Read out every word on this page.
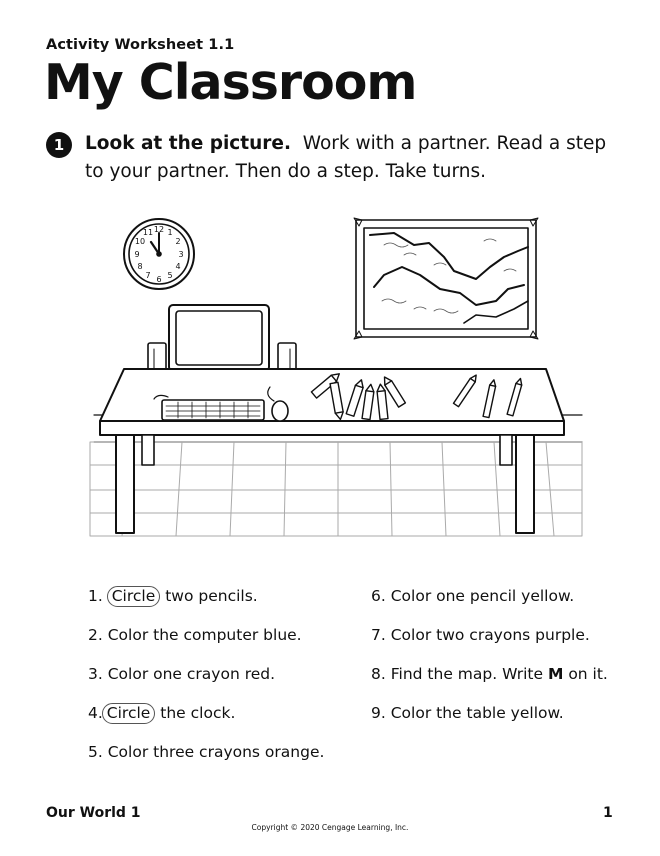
Activity Worksheet 1.1
My Classroom
1	Look at the picture. Work with a partner. Read a step to your partner. Then do a step. Take turns.
12 1
2
3
4
5
6
7
8
9
10
11
1. Circle two pencils.
2. Color the computer blue.
3. Color one crayon red.
4. Circle the clock.
5. Color three crayons orange.
6. Color one pencil yellow.
7. Color two crayons purple.
8. Find the map. Write M on it.
9. Color the table yellow.
Our World 1	1
Copyright © 2020 Cengage Learning, Inc.
